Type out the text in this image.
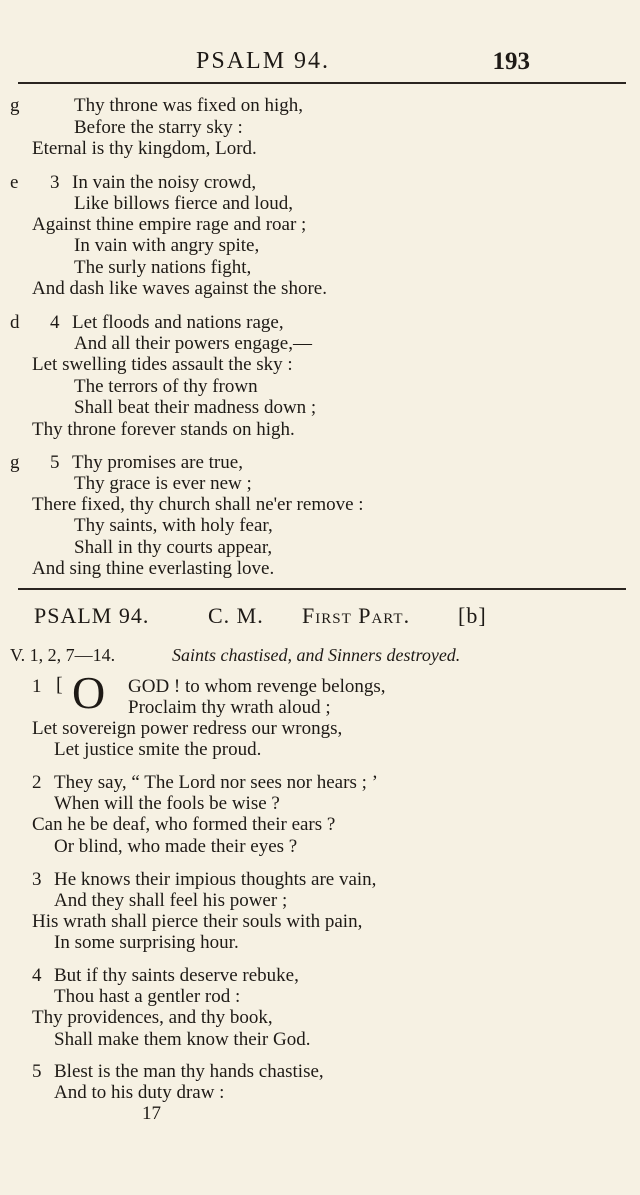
PSALM 94.	193
g	Thy throne was fixed on high,
Before the starry sky :
Eternal is thy kingdom, Lord.
e 3 In vain the noisy crowd,
Like billows fierce and loud,
Against thine empire rage and roar ;
In vain with angry spite,
The surly nations fight,
And dash like waves against the shore.
d 4 Let floods and nations rage,
And all their powers engage,—
Let swelling tides assault the sky :
The terrors of thy frown
Shall beat their madness down ;
Thy throne forever stands on high.
g 5 Thy promises are true,
Thy grace is ever new ;
There fixed, thy church shall ne'er remove :
Thy saints, with holy fear,
Shall in thy courts appear,
And sing thine everlasting love.
PSALM 94.	C. M. First Part. [b]
V. 1, 2, 7—14.	Saints chastised, and Sinners destroyed.
1 [ O GOD ! to whom revenge belongs,
Proclaim thy wrath aloud ;
Let sovereign power redress our wrongs,
Let justice smite the proud.
2 They say, “ The Lord nor sees nor hears ; ’
When will the fools be wise ?
Can he be deaf, who formed their ears ?
Or blind, who made their eyes ?
3 He knows their impious thoughts are vain,
And they shall feel his power ;
His wrath shall pierce their souls with pain,
In some surprising hour.
4 But if thy saints deserve rebuke,
Thou hast a gentler rod :
Thy providences, and thy book,
Shall make them know their God.
5 Blest is the man thy hands chastise,
And to his duty draw :
17
